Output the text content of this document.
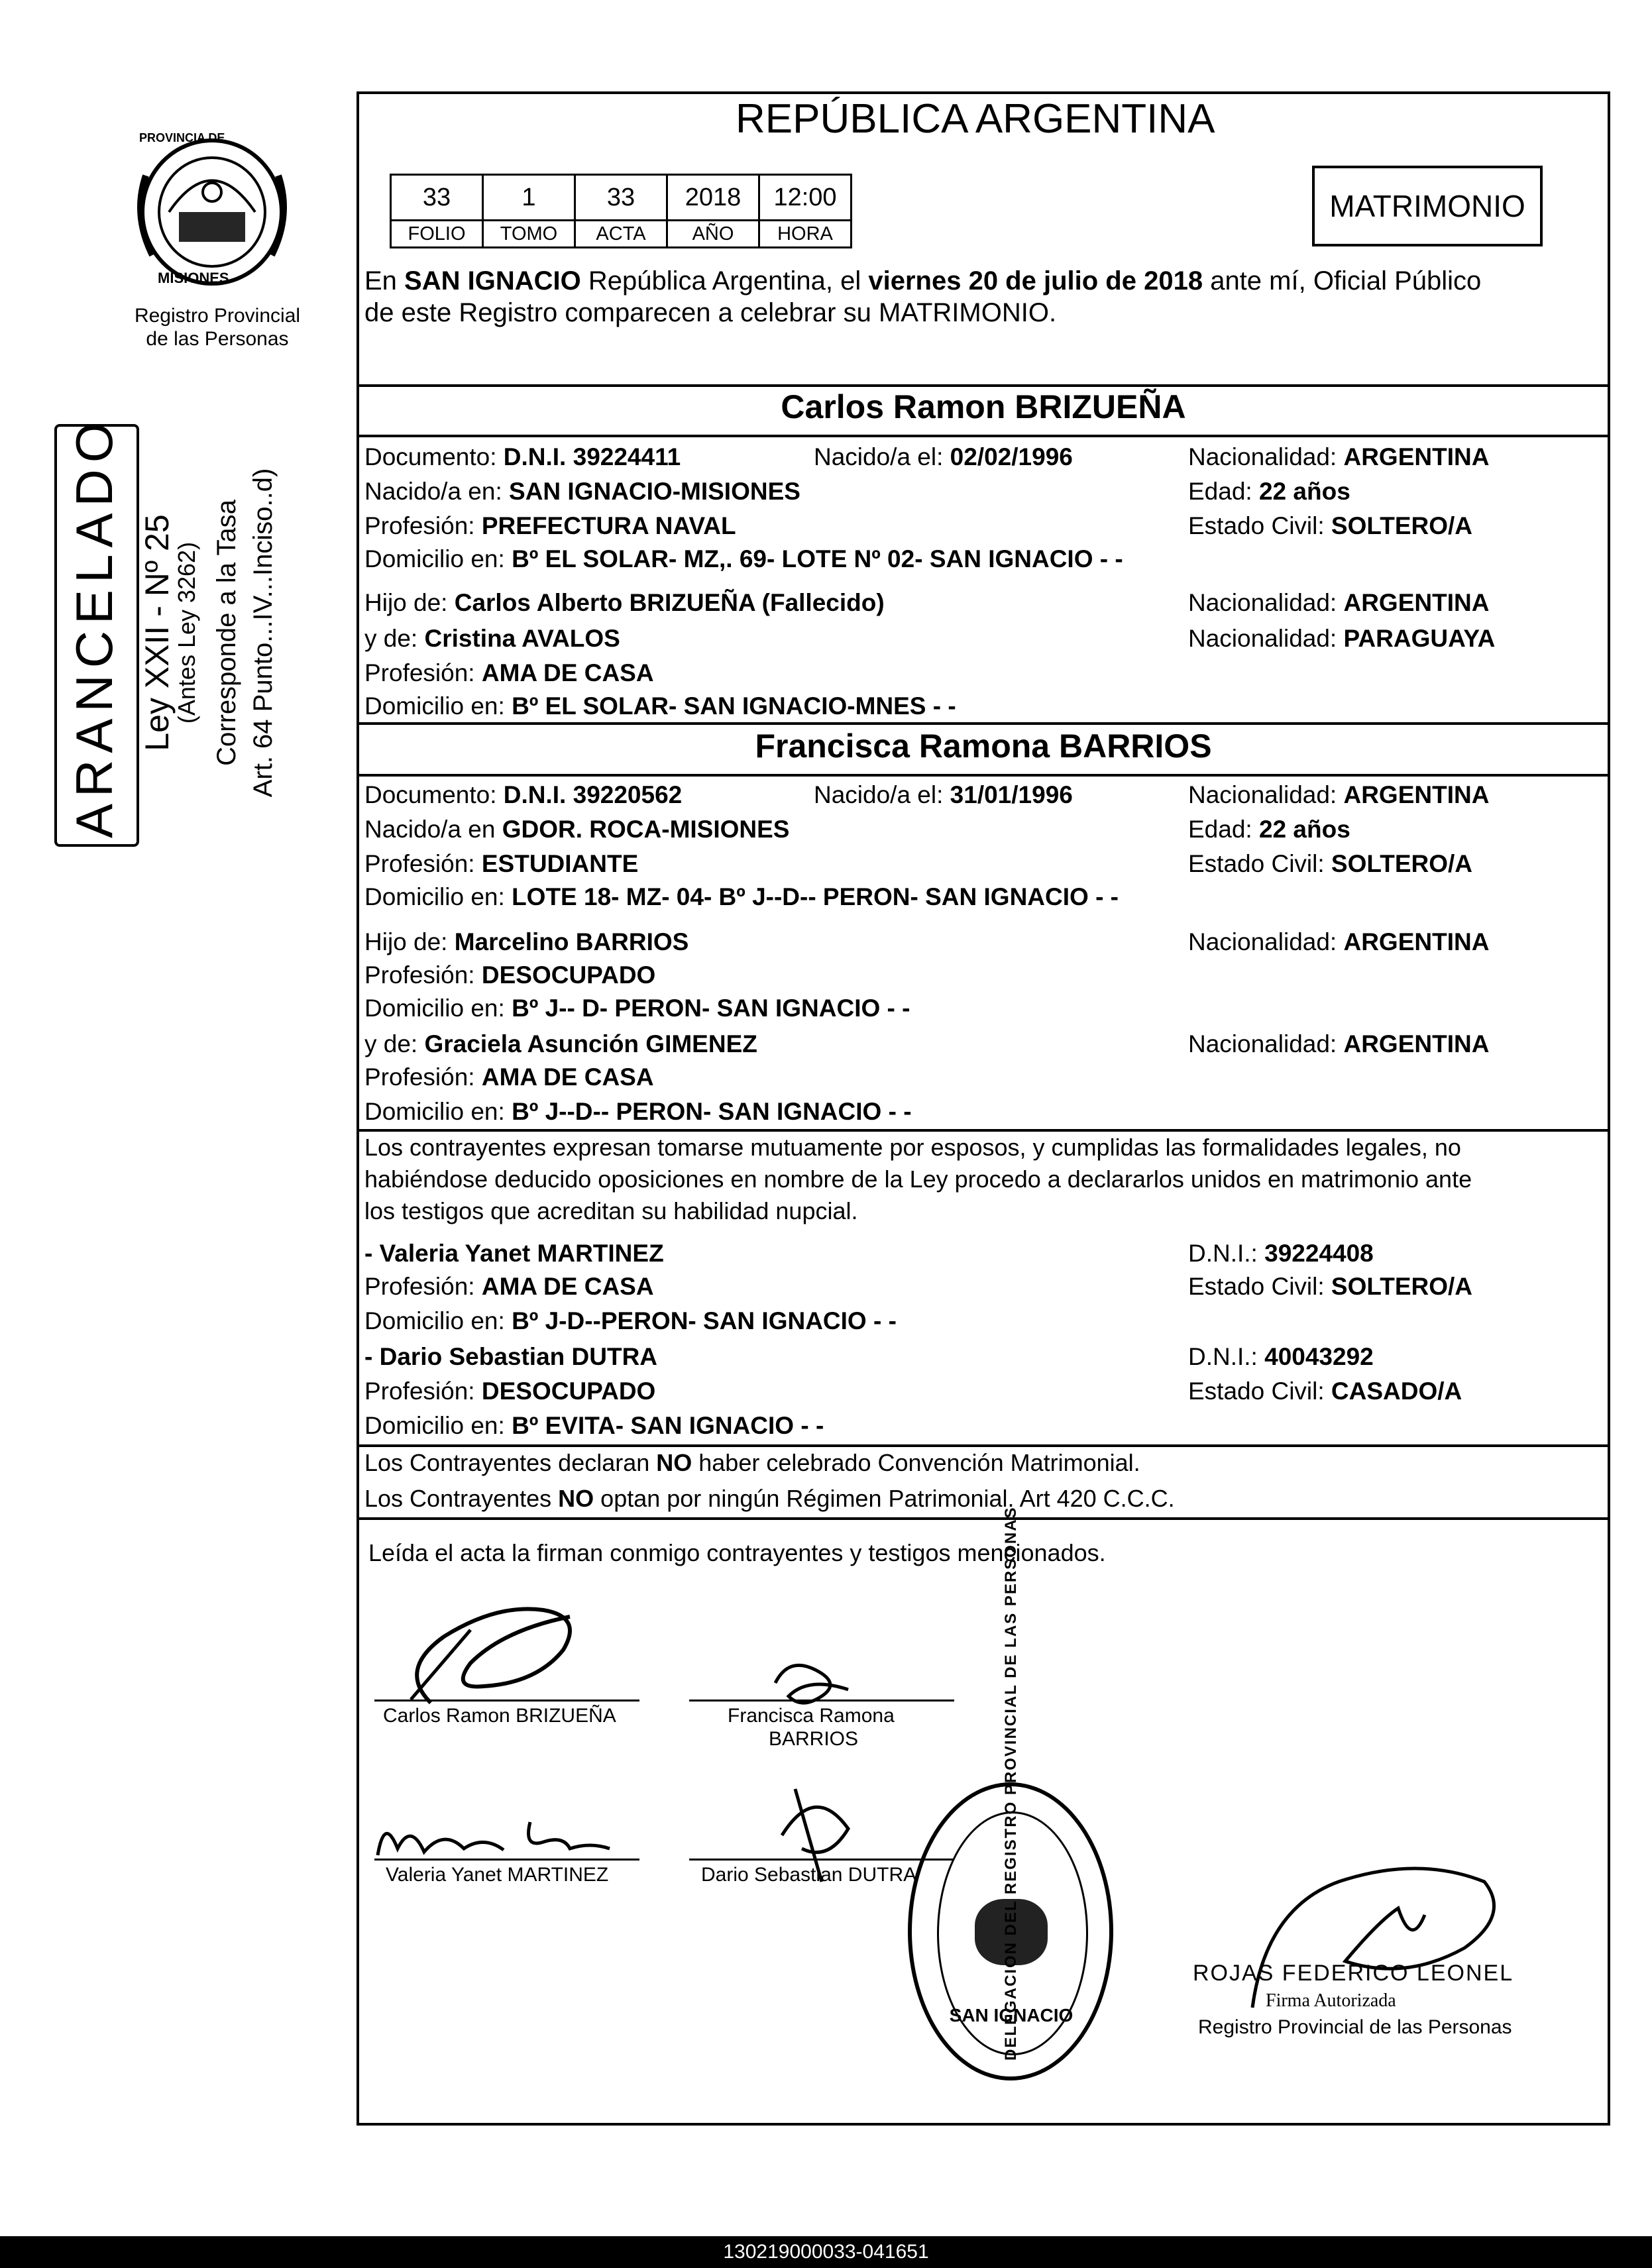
PROVINCIA DE
MISIONES
Registro Provincial
de las Personas
ARANCELADO Ley XXII - Nº 25
(Antes Ley 3262) Corresponde a la Tasa Art. 64 Punto...IV...Inciso..d)
REPÚBLICA ARGENTINA
MATRIMONIO
33	1	33	2018	12:00
FOLIO	TOMO	ACTA	AÑO	HORA
En SAN IGNACIO República Argentina, el viernes 20 de julio de 2018 ante mí, Oficial Público
de este Registro comparecen a celebrar su MATRIMONIO.
Carlos Ramon BRIZUEÑA
Documento: D.N.I. 39224411	Nacido/a el: 02/02/1996	Nacionalidad: ARGENTINA
Nacido/a en: SAN IGNACIO-MISIONES	Edad: 22 años
Profesión: PREFECTURA NAVAL	Estado Civil: SOLTERO/A
Domicilio en: Bº EL SOLAR- MZ,. 69- LOTE Nº 02- SAN IGNACIO - -
Hijo de: Carlos Alberto BRIZUEÑA (Fallecido)	Nacionalidad: ARGENTINA
y de: Cristina AVALOS	Nacionalidad: PARAGUAYA
Profesión: AMA DE CASA
Domicilio en: Bº EL SOLAR- SAN IGNACIO-MNES - -
Francisca Ramona BARRIOS
Documento: D.N.I. 39220562	Nacido/a el: 31/01/1996	Nacionalidad: ARGENTINA
Nacido/a en GDOR. ROCA-MISIONES	Edad: 22 años
Profesión: ESTUDIANTE	Estado Civil: SOLTERO/A
Domicilio en: LOTE 18- MZ- 04- Bº J--D-- PERON- SAN IGNACIO - -
Hijo de: Marcelino BARRIOS	Nacionalidad: ARGENTINA
Profesión: DESOCUPADO
Domicilio en: Bº J-- D- PERON- SAN IGNACIO - -
y de: Graciela Asunción GIMENEZ	Nacionalidad: ARGENTINA
Profesión: AMA DE CASA
Domicilio en: Bº J--D-- PERON- SAN IGNACIO - -
Los contrayentes expresan tomarse mutuamente por esposos, y cumplidas las formalidades legales, no
habiéndose deducido oposiciones en nombre de la Ley procedo a declararlos unidos en matrimonio ante
los testigos que acreditan su habilidad nupcial.
- Valeria Yanet MARTINEZ	D.N.I.: 39224408
Profesión: AMA DE CASA	Estado Civil: SOLTERO/A
Domicilio en: Bº J-D--PERON- SAN IGNACIO - -
- Dario Sebastian DUTRA	D.N.I.: 40043292
Profesión: DESOCUPADO	Estado Civil: CASADO/A
Domicilio en: Bº EVITA- SAN IGNACIO - -
Los Contrayentes declaran NO haber celebrado Convención Matrimonial.
Los Contrayentes NO optan por ningún Régimen Patrimonial. Art 420 C.C.C.
Leída el acta la firman conmigo contrayentes y testigos mencionados.
Carlos Ramon BRIZUEÑA	Francisca Ramona
BARRIOS
Valeria Yanet MARTINEZ	Dario Sebastian DUTRA	DELEGACION DEL REGISTRO PROVINCIAL DE LAS PERSONAS
SAN IGNACIO
ROJAS FEDERICO LEONEL
Firma Autorizada
Registro Provincial de las Personas
130219000033-041651
